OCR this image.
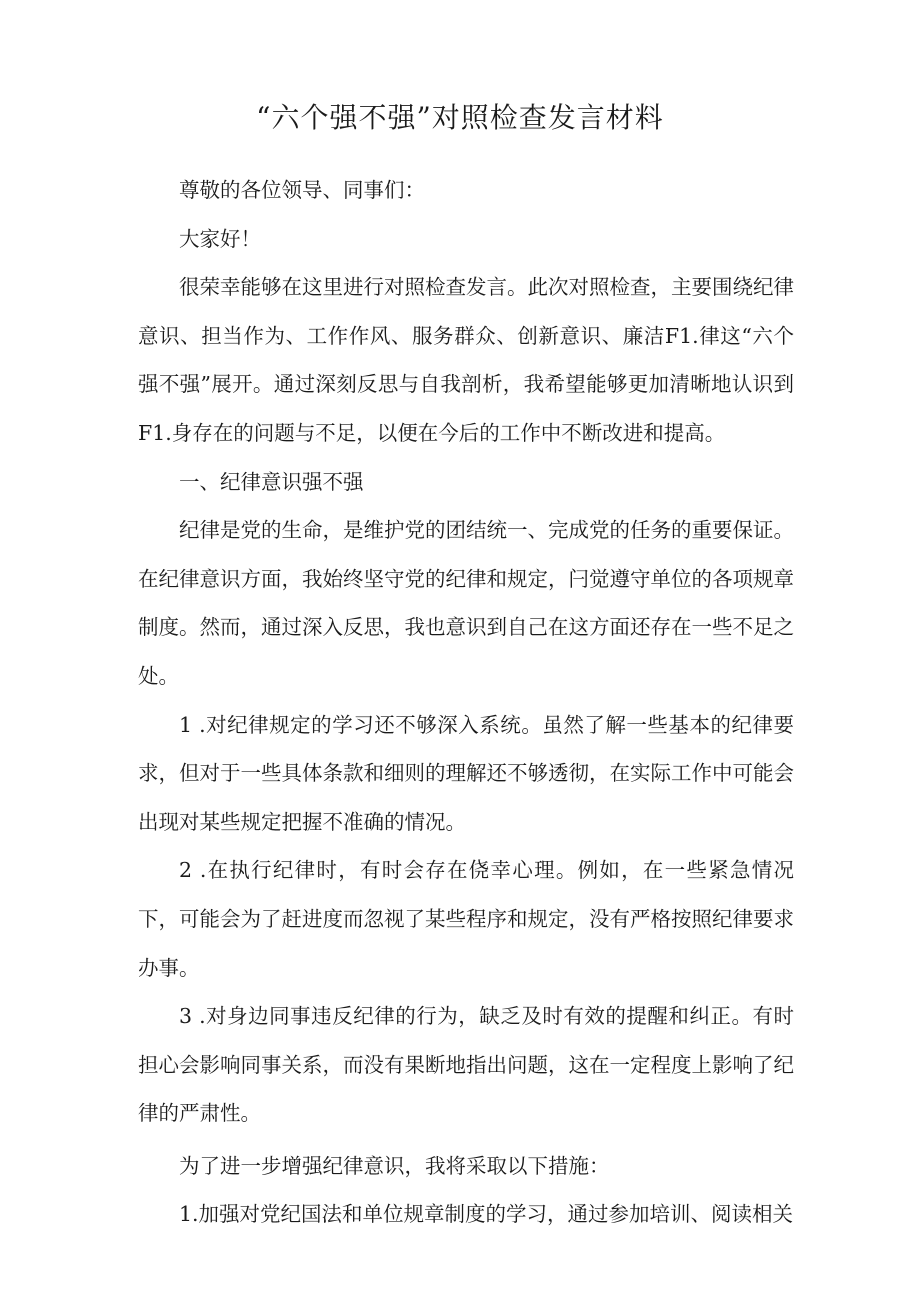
“六个强不强”对照检查发言材料

尊敬的各位领导、同事们：

大家好！

很荣幸能够在这里进行对照检查发言。此次对照检查，主要围绕纪律意识、担当作为、工作作风、服务群众、创新意识、廉洁F1.律这“六个强不强”展开。通过深刻反思与自我剖析，我希望能够更加清晰地认识到F1.身存在的问题与不足，以便在今后的工作中不断改进和提高。

一、纪律意识强不强

纪律是党的生命，是维护党的团结统一、完成党的任务的重要保证。在纪律意识方面，我始终坚守党的纪律和规定，闩觉遵守单位的各项规章制度。然而，通过深入反思，我也意识到自己在这方面还存在一些不足之处。

1 .对纪律规定的学习还不够深入系统。虽然了解一些基本的纪律要求，但对于一些具体条款和细则的理解还不够透彻，在实际工作中可能会出现对某些规定把握不准确的情况。

2 .在执行纪律时，有时会存在侥幸心理。例如，在一些紧急情况下，可能会为了赶进度而忽视了某些程序和规定，没有严格按照纪律要求办事。

3 .对身边同事违反纪律的行为，缺乏及时有效的提醒和纠正。有时担心会影响同事关系，而没有果断地指出问题，这在一定程度上影响了纪律的严肃性。

为了进一步增强纪律意识，我将采取以下措施：

1.加强对党纪国法和单位规章制度的学习，通过参加培训、阅读相关
